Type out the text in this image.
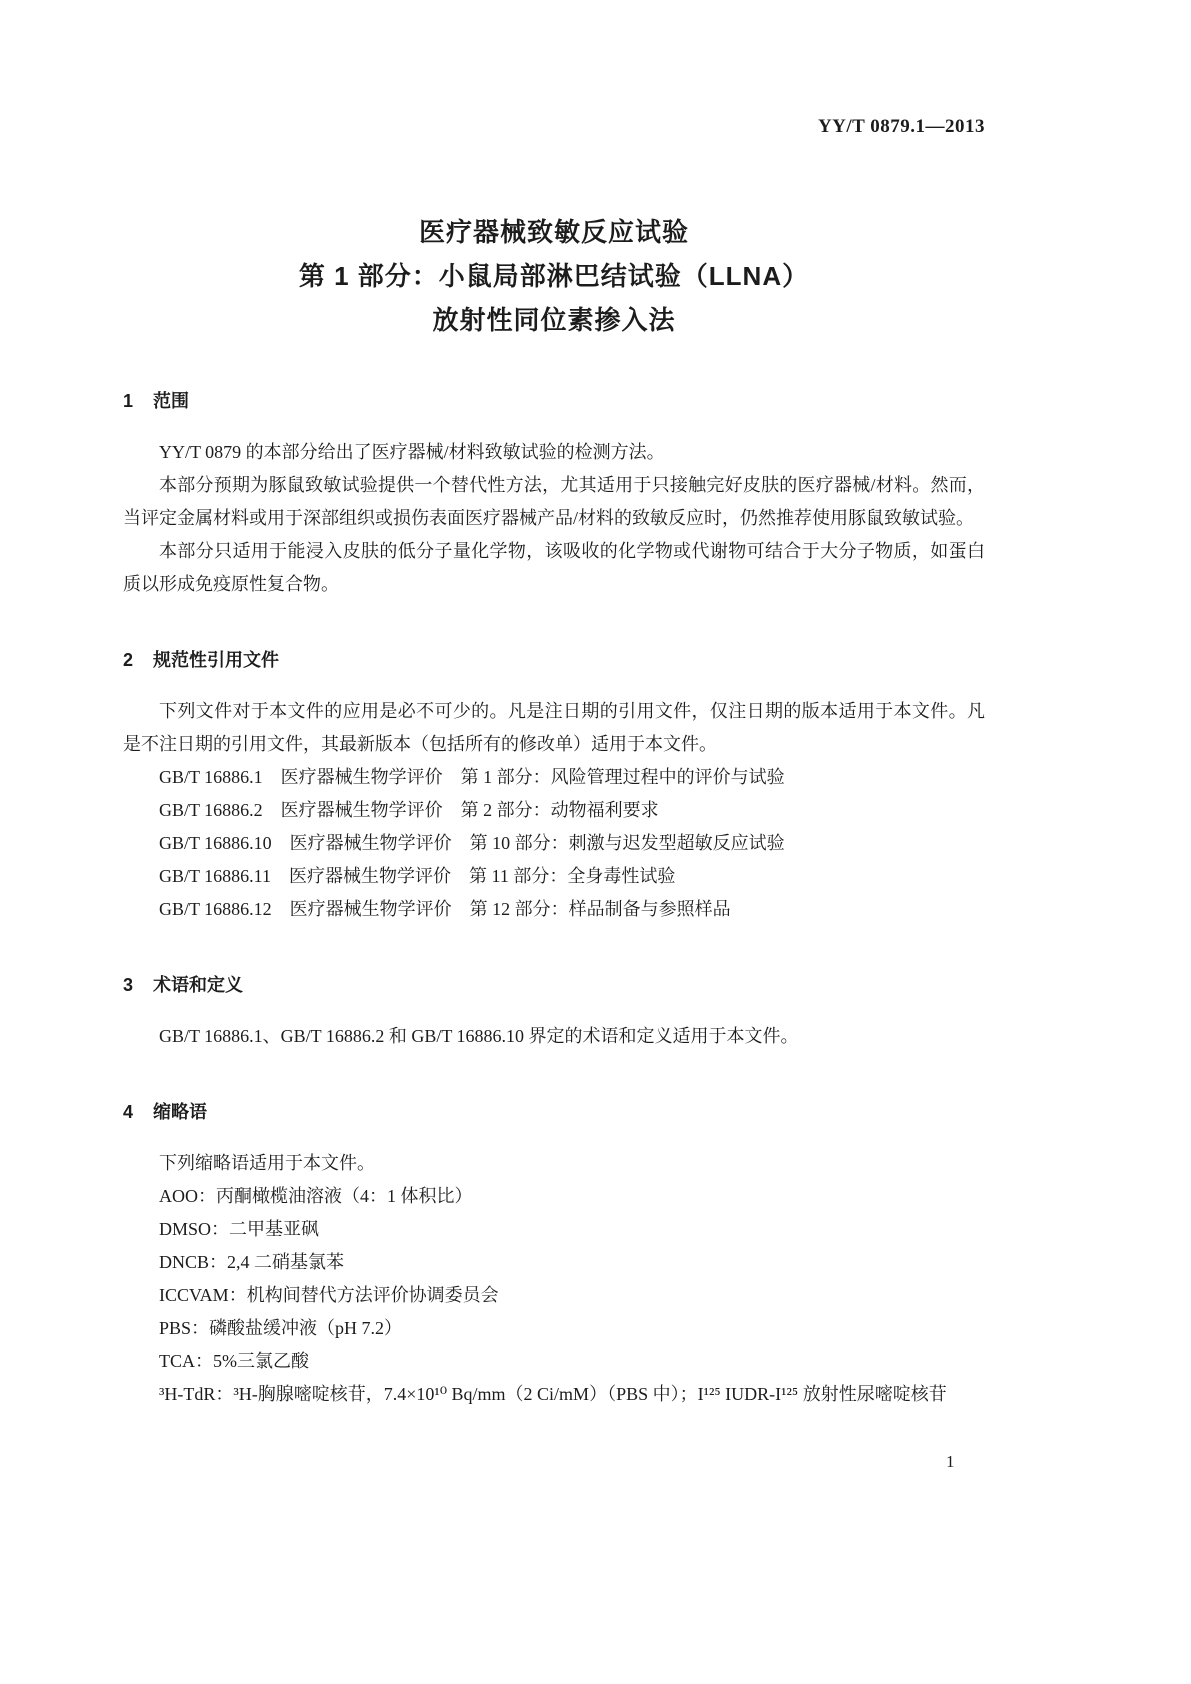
YY/T 0879.1—2013
医疗器械致敏反应试验
第 1 部分：小鼠局部淋巴结试验（LLNA）
放射性同位素掺入法
1 范围

YY/T 0879 的本部分给出了医疗器械/材料致敏试验的检测方法。

本部分预期为豚鼠致敏试验提供一个替代性方法，尤其适用于只接触完好皮肤的医疗器械/材料。然而，当评定金属材料或用于深部组织或损伤表面医疗器械产品/材料的致敏反应时，仍然推荐使用豚鼠致敏试验。

本部分只适用于能浸入皮肤的低分子量化学物，该吸收的化学物或代谢物可结合于大分子物质，如蛋白质以形成免疫原性复合物。

2 规范性引用文件

下列文件对于本文件的应用是必不可少的。凡是注日期的引用文件，仅注日期的版本适用于本文件。凡是不注日期的引用文件，其最新版本（包括所有的修改单）适用于本文件。

GB/T 16886.1　医疗器械生物学评价　第 1 部分：风险管理过程中的评价与试验

GB/T 16886.2　医疗器械生物学评价　第 2 部分：动物福利要求

GB/T 16886.10　医疗器械生物学评价　第 10 部分：刺激与迟发型超敏反应试验

GB/T 16886.11　医疗器械生物学评价　第 11 部分：全身毒性试验

GB/T 16886.12　医疗器械生物学评价　第 12 部分：样品制备与参照样品

3 术语和定义

GB/T 16886.1、GB/T 16886.2 和 GB/T 16886.10 界定的术语和定义适用于本文件。

4 缩略语

下列缩略语适用于本文件。

AOO：丙酮橄榄油溶液（4：1 体积比）

DMSO：二甲基亚砜

DNCB：2,4 二硝基氯苯

ICCVAM：机构间替代方法评价协调委员会

PBS：磷酸盐缓冲液（pH 7.2）

TCA：5%三氯乙酸

³H-TdR：³H-胸腺嘧啶核苷，7.4×10¹⁰ Bq/mm（2 Ci/mM）（PBS 中）；I¹²⁵ IUDR-I¹²⁵ 放射性尿嘧啶核苷

1
